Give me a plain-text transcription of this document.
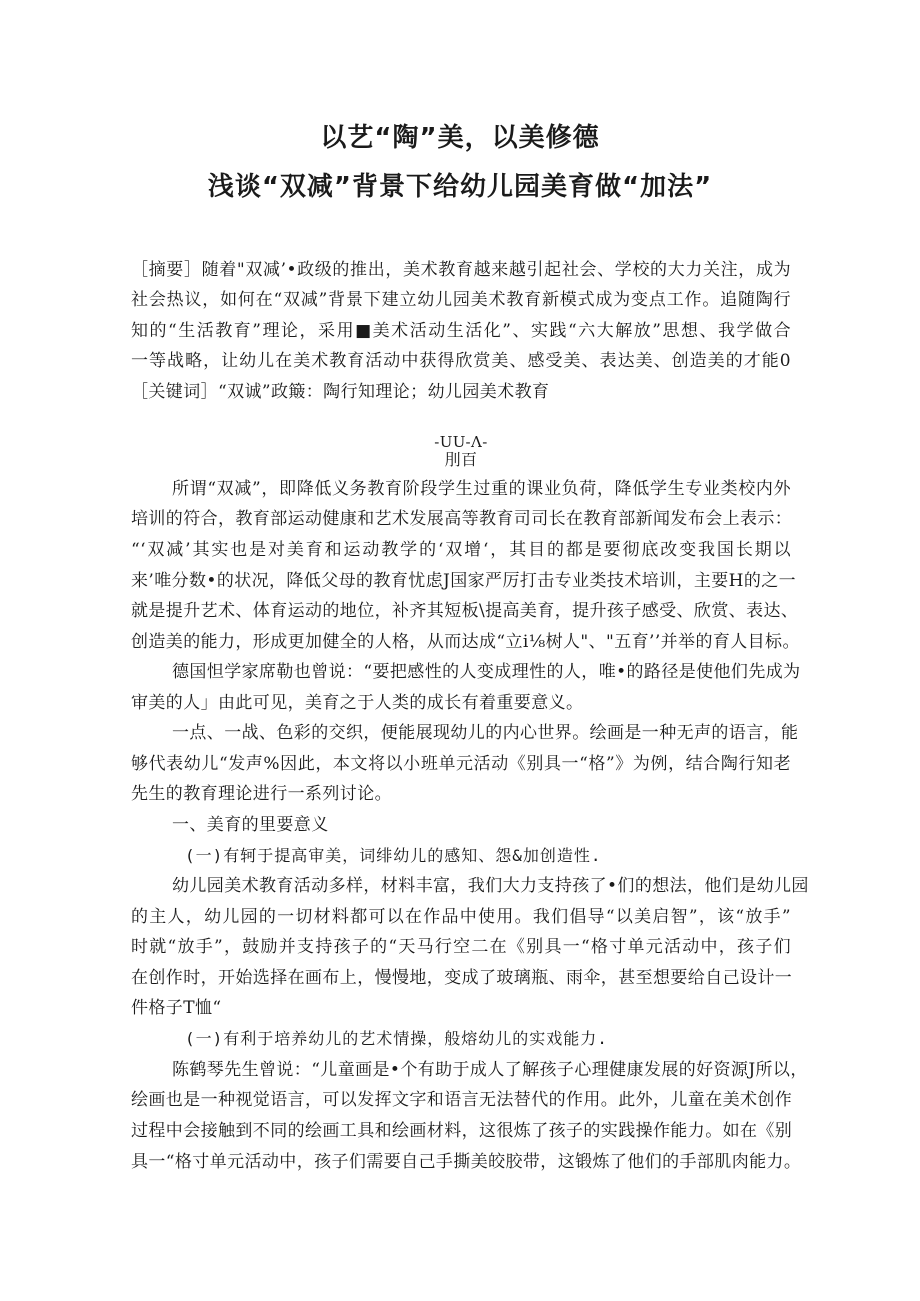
以艺“陶”美，以美修德
浅谈“双减”背景下给幼儿园美育做“加法”
［摘要］随着"双减’•政级的推出，美术教育越来越引起社会、学校的大力关注，成为
社会热议，如何在“双减”背景下建立幼儿园美术教育新模式成为变点工作。追随陶行
知的“生活教育”理论，采用■美术活动生活化”、实践“六大解放”思想、我学做合
一等战略，让幼儿在美术教育活动中获得欣赏美、感受美、表达美、创造美的才能0
［关键词］“双诚”政簸：陶行知理论；幼儿园美术教育
-UU-Λ-
刖百
所谓“双减”，即降低义务教育阶段学生过重的课业负荷，降低学生专业类校内外
培训的符合，教育部运动健康和艺术发展高等教育司司长在教育部新闻发布会上表示：
“‘双减’其实也是对美育和运动教学的‘双增‘，其目的都是要彻底改变我国长期以
来’唯分数•的状况，降低父母的教育忧虑J国家严厉打击专业类技术培训，主要H的之一
就是提升艺术、体育运动的地位，补齐其短板\提高美育，提升孩子感受、欣赏、表达、
创造美的能力，形成更加健全的人格，从而达成“立i⅛树人"、"五育’’并举的育人目标。
德国怛学家席勒也曾说：“要把感性的人变成理性的人，唯•的路径是使他们先成为
审美的人」由此可见，美育之于人类的成长有着重要意义。
一点、一战、色彩的交织，便能展现幼儿的内心世界。绘画是一种无声的语言，能
够代表幼儿“发声%因此，本文将以小班单元活动《别具一“格”》为例，结合陶行知老
先生的教育理论进行一系列讨论。
一、美育的里要意义
(一)有轲于提高审美，词绯幼儿的感知、怨&加创造性.
幼儿园美术教育活动多样，材料丰富，我们大力支持孩了•们的想法，他们是幼儿园
的主人，幼儿园的一切材料都可以在作品中使用。我们倡导“以美启智”，该“放手”
时就“放手”，鼓励并支持孩子的“天马行空二在《别具一“格寸单元活动中，孩子们
在创作时，开始选择在画布上，慢慢地，变成了玻璃瓶、雨伞，甚至想要给自己设计一
件格子T恤“
(一)有利于培养幼儿的艺术情操，般熔幼儿的实戏能力.
陈鹤琴先生曾说：“儿童画是•个有助于成人了解孩子心理健康发展的好资源J所以，
绘画也是一种视觉语言，可以发挥文字和语言无法替代的作用。此外，儿童在美术创作
过程中会接触到不同的绘画工具和绘画材料，这很炼了孩子的实践操作能力。如在《别
具一“格寸单元活动中，孩子们需要自己手撕美皎胶带，这锻炼了他们的手部肌肉能力。
